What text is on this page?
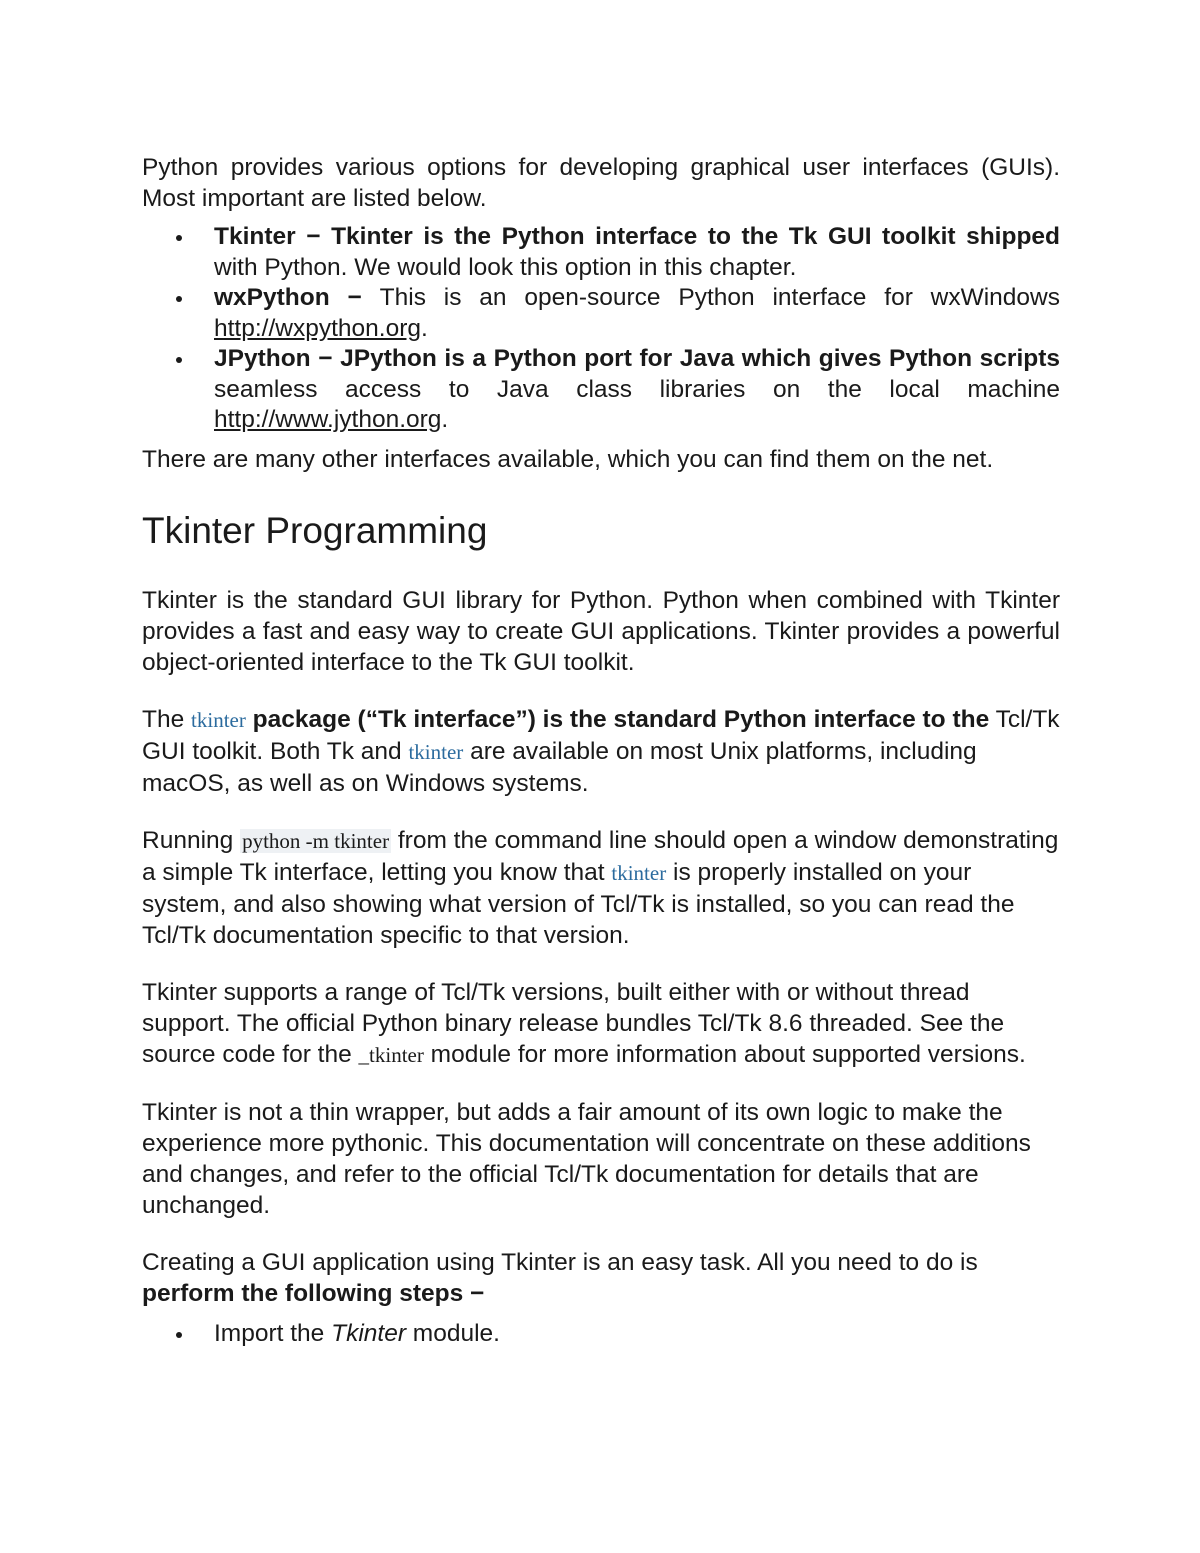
Python provides various options for developing graphical user interfaces (GUIs). Most important are listed below.

Tkinter − Tkinter is the Python interface to the Tk GUI toolkit shipped with Python. We would look this option in this chapter.
wxPython − This is an open-source Python interface for wxWindows http://wxpython.org.
JPython − JPython is a Python port for Java which gives Python scripts seamless access to Java class libraries on the local machine http://www.jython.org.

There are many other interfaces available, which you can find them on the net.

Tkinter Programming

Tkinter is the standard GUI library for Python. Python when combined with Tkinter provides a fast and easy way to create GUI applications. Tkinter provides a powerful object-oriented interface to the Tk GUI toolkit.

The tkinter package (“Tk interface”) is the standard Python interface to the Tcl/Tk GUI toolkit. Both Tk and tkinter are available on most Unix platforms, including macOS, as well as on Windows systems.

Running python -m tkinter from the command line should open a window demonstrating a simple Tk interface, letting you know that tkinter is properly installed on your system, and also showing what version of Tcl/Tk is installed, so you can read the Tcl/Tk documentation specific to that version.

Tkinter supports a range of Tcl/Tk versions, built either with or without thread support. The official Python binary release bundles Tcl/Tk 8.6 threaded. See the source code for the _tkinter module for more information about supported versions.

Tkinter is not a thin wrapper, but adds a fair amount of its own logic to make the experience more pythonic. This documentation will concentrate on these additions and changes, and refer to the official Tcl/Tk documentation for details that are unchanged.

Creating a GUI application using Tkinter is an easy task. All you need to do is perform the following steps −

Import the Tkinter module.
